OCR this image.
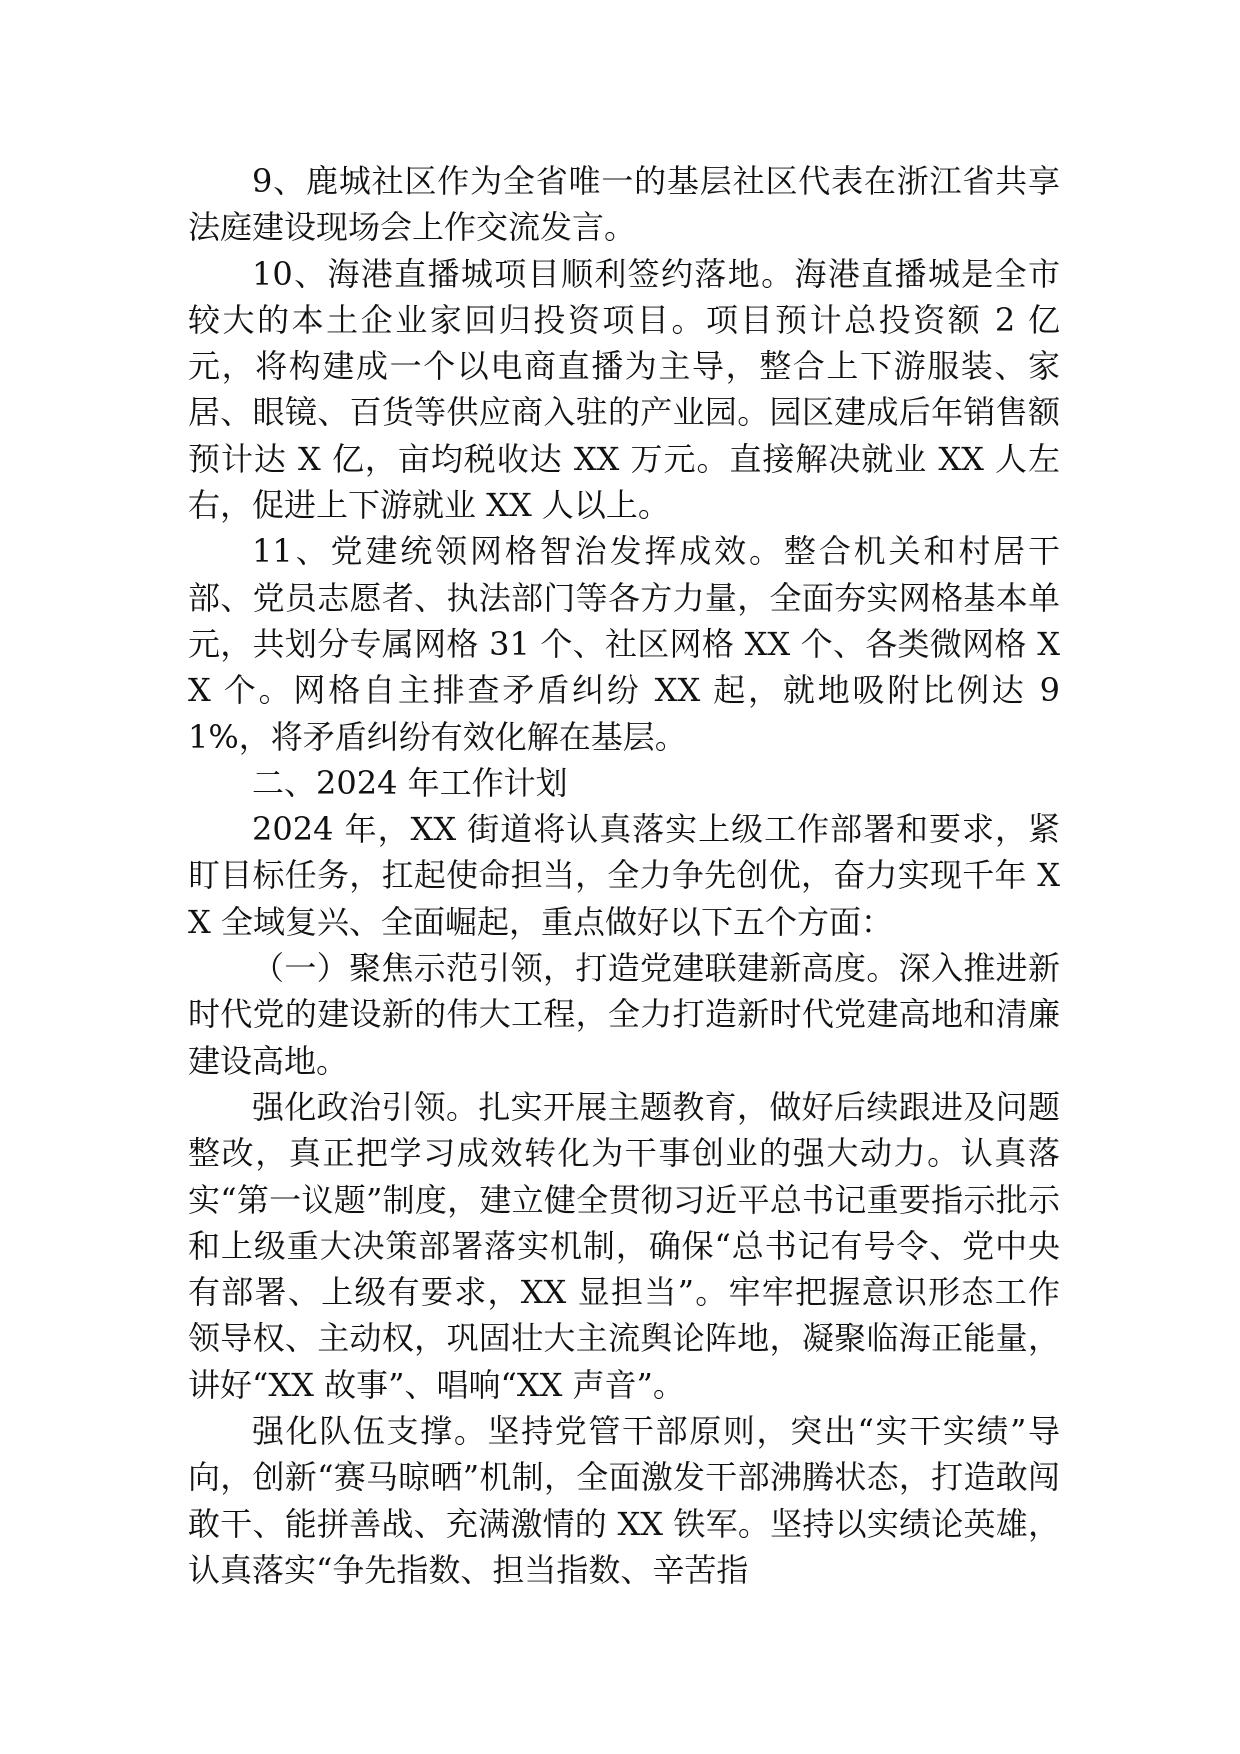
9、鹿城社区作为全省唯一的基层社区代表在浙江省共享法庭建设现场会上作交流发言。

10、海港直播城项目顺利签约落地。海港直播城是全市较大的本土企业家回归投资项目。项目预计总投资额 2 亿元，将构建成一个以电商直播为主导，整合上下游服装、家居、眼镜、百货等供应商入驻的产业园。园区建成后年销售额预计达 X 亿，亩均税收达 XX 万元。直接解决就业 XX 人左右，促进上下游就业 XX 人以上。

11、党建统领网格智治发挥成效。整合机关和村居干部、党员志愿者、执法部门等各方力量，全面夯实网格基本单元，共划分专属网格 31 个、社区网格 XX 个、各类微网格 XX 个。网格自主排查矛盾纠纷 XX 起，就地吸附比例达 91%，将矛盾纠纷有效化解在基层。

二、2024 年工作计划

2024 年，XX 街道将认真落实上级工作部署和要求，紧盯目标任务，扛起使命担当，全力争先创优，奋力实现千年 XX 全域复兴、全面崛起，重点做好以下五个方面：

（一）聚焦示范引领，打造党建联建新高度。深入推进新时代党的建设新的伟大工程，全力打造新时代党建高地和清廉建设高地。

强化政治引领。扎实开展主题教育，做好后续跟进及问题整改，真正把学习成效转化为干事创业的强大动力。认真落实“第一议题”制度，建立健全贯彻习近平总书记重要指示批示和上级重大决策部署落实机制，确保“总书记有号令、党中央有部署、上级有要求，XX 显担当”。牢牢把握意识形态工作领导权、主动权，巩固壮大主流舆论阵地，凝聚临海正能量，讲好“XX 故事”、唱响“XX 声音”。

强化队伍支撑。坚持党管干部原则，突出“实干实绩”导向，创新“赛马晾晒”机制，全面激发干部沸腾状态，打造敢闯敢干、能拼善战、充满激情的 XX 铁军。坚持以实绩论英雄，认真落实“争先指数、担当指数、辛苦指
